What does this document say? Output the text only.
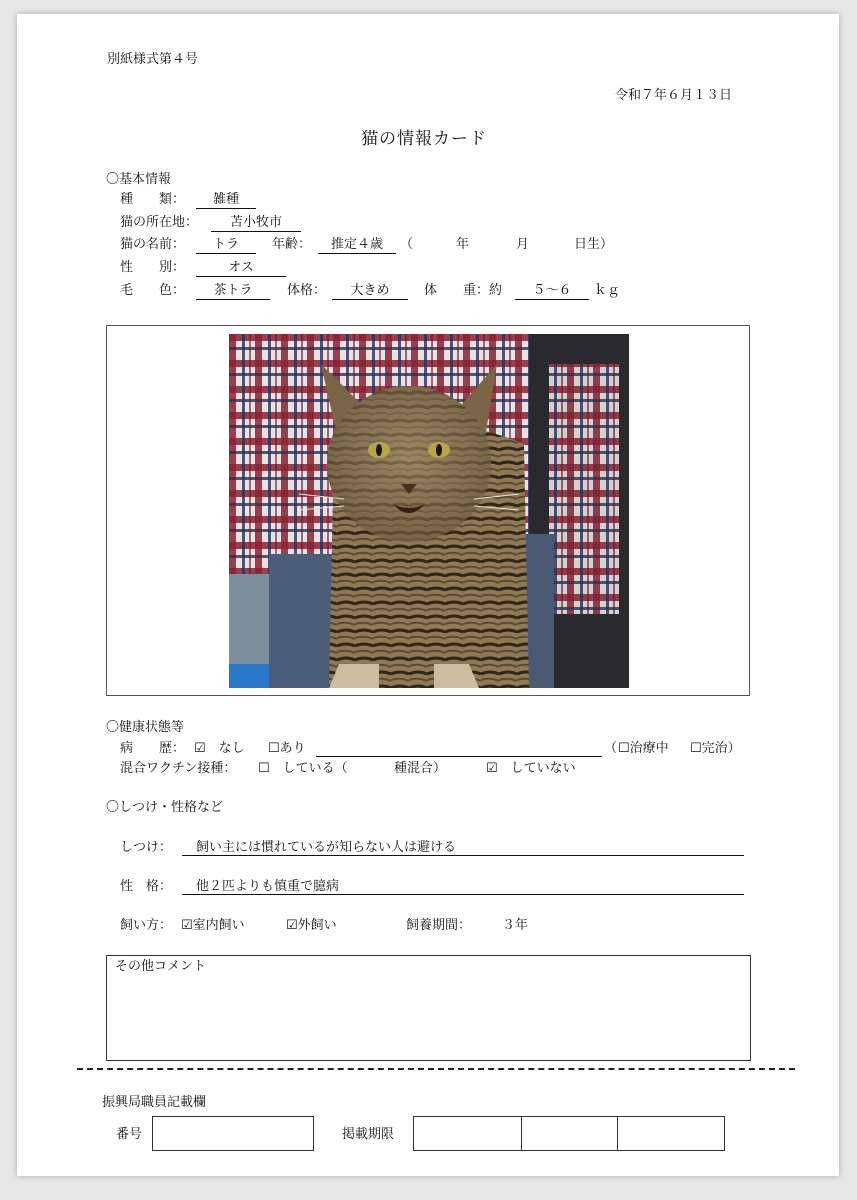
別紙様式第４号
令和７年６月１３日
猫の情報カード
〇基本情報
種　　類：	雑種
猫の所在地：	苫小牧市
猫の名前：	トラ	年齢：	推定４歳	（	年	月	日生）
性　　別：	オス
毛　　色：	茶トラ	体格：	大きめ	体　　重：約	５～６	ｋｇ
〇健康状態等
病　　歴： ☑　なし ☐あり	（ ☐治療中 ☐完治）
混合ワクチン接種： ☐　している（	種混合）	☑　していない
〇しつけ・性格など
しつけ： 飼い主には慣れているが知らない人は避ける
性　格： 他２匹よりも慎重で臆病
飼い方： ☑室内飼い	☑外飼い	飼養期間： ３年
その他コメント
振興局職員記載欄
番号	掲載期限
